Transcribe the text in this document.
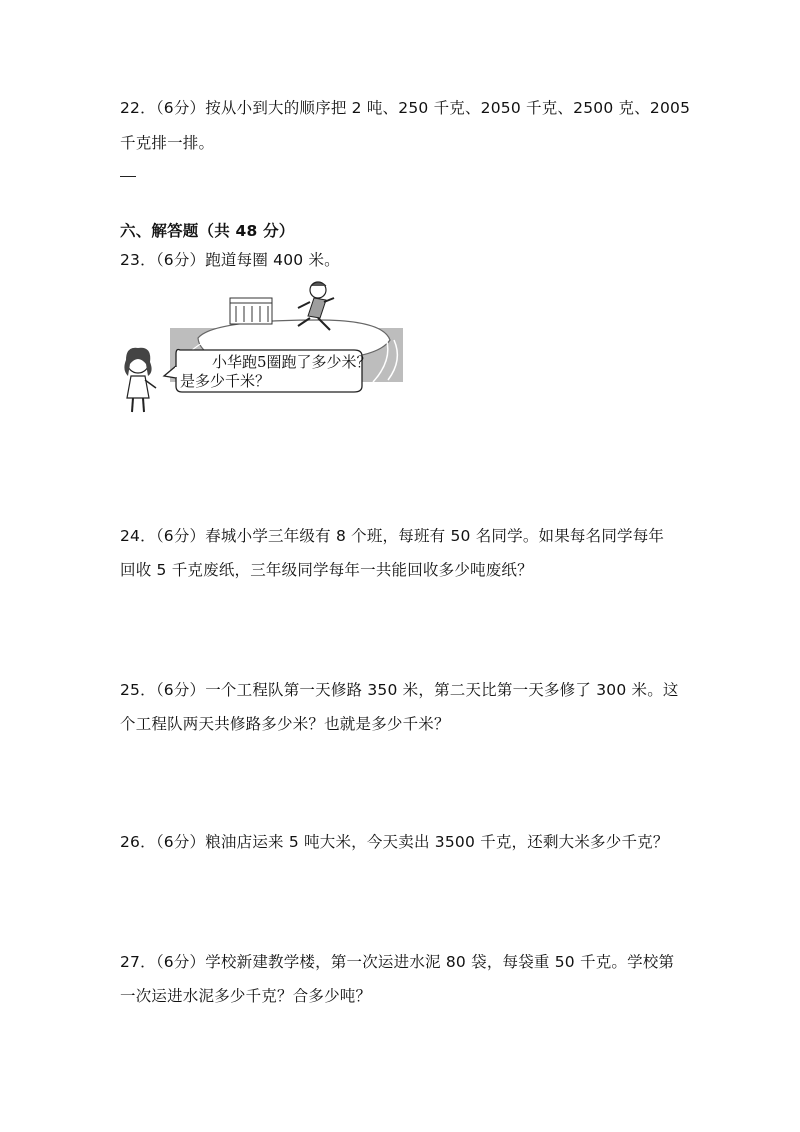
22．（6分）按从小到大的顺序把 2 吨、250 千克、2050 千克、2500 克、2005
千克排一排。
六、解答题（共 48 分）
23．（6分）跑道每圈 400 米。
小华跑5圈跑了多少米？
是多少千米？
24．（6分）春城小学三年级有 8 个班，每班有 50 名同学。如果每名同学每年
回收 5 千克废纸，三年级同学每年一共能回收多少吨废纸？
25．（6分）一个工程队第一天修路 350 米，第二天比第一天多修了 300 米。这
个工程队两天共修路多少米？也就是多少千米？
26．（6分）粮油店运来 5 吨大米，今天卖出 3500 千克，还剩大米多少千克？
27．（6分）学校新建教学楼，第一次运进水泥 80 袋，每袋重 50 千克。学校第
一次运进水泥多少千克？合多少吨？
